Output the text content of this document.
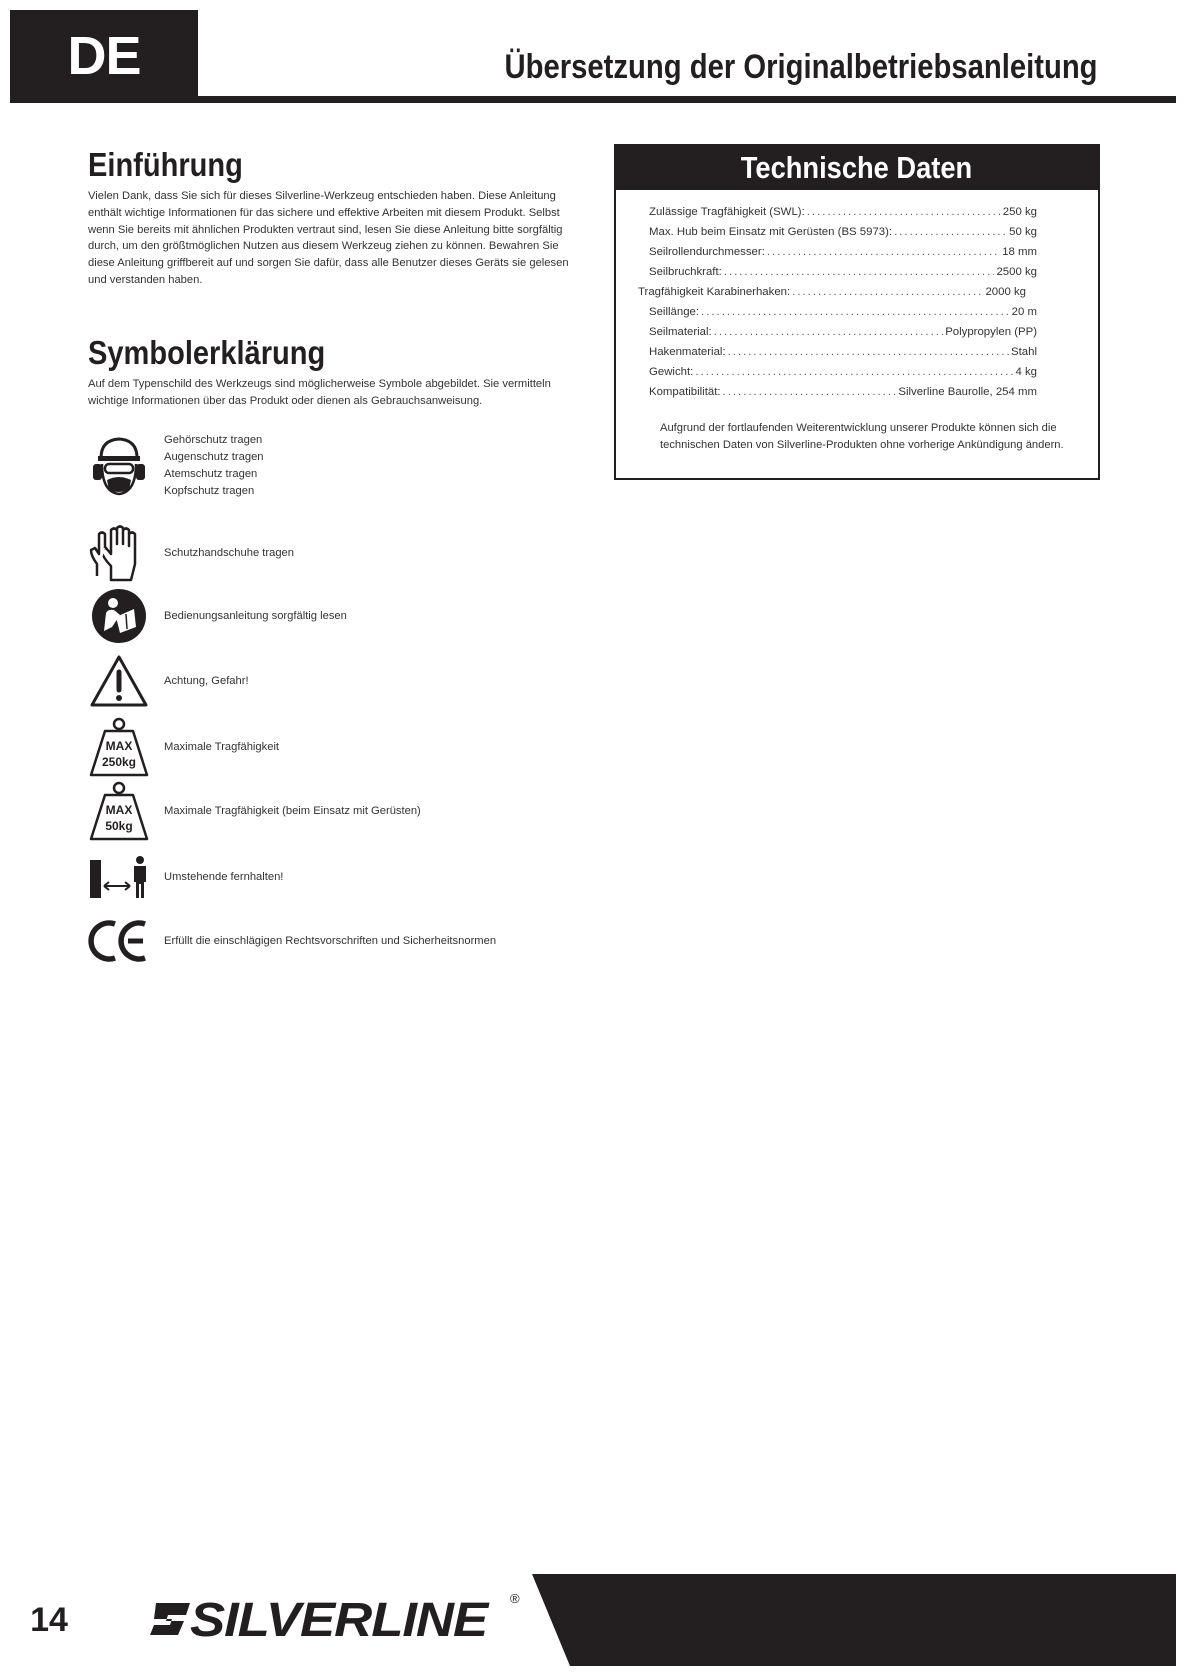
DE	Übersetzung der Originalbetriebsanleitung
Einführung
Vielen Dank, dass Sie sich für dieses Silverline-Werkzeug entschieden haben. Diese Anleitung
enthält wichtige Informationen für das sichere und effektive Arbeiten mit diesem Produkt. Selbst
wenn Sie bereits mit ähnlichen Produkten vertraut sind, lesen Sie diese Anleitung bitte sorgfältig
durch, um den größtmöglichen Nutzen aus diesem Werkzeug ziehen zu können. Bewahren Sie
diese Anleitung griffbereit auf und sorgen Sie dafür, dass alle Benutzer dieses Geräts sie gelesen
und verstanden haben.
Symbolerklärung
Auf dem Typenschild des Werkzeugs sind möglicherweise Symbole abgebildet. Sie vermitteln
wichtige Informationen über das Produkt oder dienen als Gebrauchsanweisung.
Gehörschutz tragen
Augenschutz tragen
Atemschutz tragen
Kopfschutz tragen
Schutzhandschuhe tragen
Bedienungsanleitung sorgfältig lesen
Achtung, Gefahr!
MAX
250kg
Maximale Tragfähigkeit
MAX
50kg
Maximale Tragfähigkeit (beim Einsatz mit Gerüsten)
Umstehende fernhalten!
Erfüllt die einschlägigen Rechtsvorschriften und Sicherheitsnormen
Technische Daten
Zulässige Tragfähigkeit (SWL): .....	250 kg
Max. Hub beim Einsatz mit Gerüsten (BS 5973): .....	50 kg
Seilrollendurchmesser: .....	18 mm
Seilbruchkraft: .....	2500 kg
Tragfähigkeit Karabinerhaken: .....	2000 kg
Seillänge: .....	20 m
Seilmaterial: .....	Polypropylen (PP)
Hakenmaterial: .....	Stahl
Gewicht: .....	4 kg
Kompatibilität: .....	Silverline Baurolle, 254 mm
Aufgrund der fortlaufenden Weiterentwicklung unserer Produkte können sich die
technischen Daten von Silverline-Produkten ohne vorherige Ankündigung ändern.
14	SILVERLINE ®
